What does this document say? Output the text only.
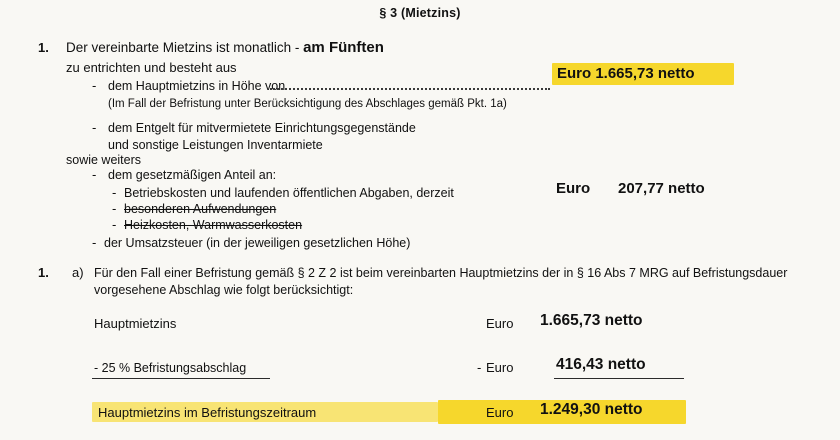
§ 3 (Mietzins)
1. Der vereinbarte Mietzins ist monatlich - am Fünften
zu entrichten und besteht aus
- dem Hauptmietzins in Höhe von
Euro 1.665,73 netto
(Im Fall der Befristung unter Berücksichtigung des Abschlages gemäß Pkt. 1a)
- dem Entgelt für mitvermietete Einrichtungsgegenstände
und sonstige Leistungen Inventarmiete
sowie weiters
- dem gesetzmäßigen Anteil an:
- Betriebskosten und laufenden öffentlichen Abgaben, derzeit	Euro 207,77 netto
- besonderen Aufwendungen
- Heizkosten, Warmwasserkosten
- der Umsatzsteuer (in der jeweiligen gesetzlichen Höhe)
1. a) Für den Fall einer Befristung gemäß § 2 Z 2 ist beim vereinbarten Hauptmietzins der in § 16 Abs 7 MRG auf Befristungsdauer
vorgesehene Abschlag wie folgt berücksichtigt:
Hauptmietzins	Euro 1.665,73 netto
- 25 % Befristungsabschlag	- Euro	416,43 netto
Hauptmietzins im Befristungszeitraum	Euro 1.249,30 netto
